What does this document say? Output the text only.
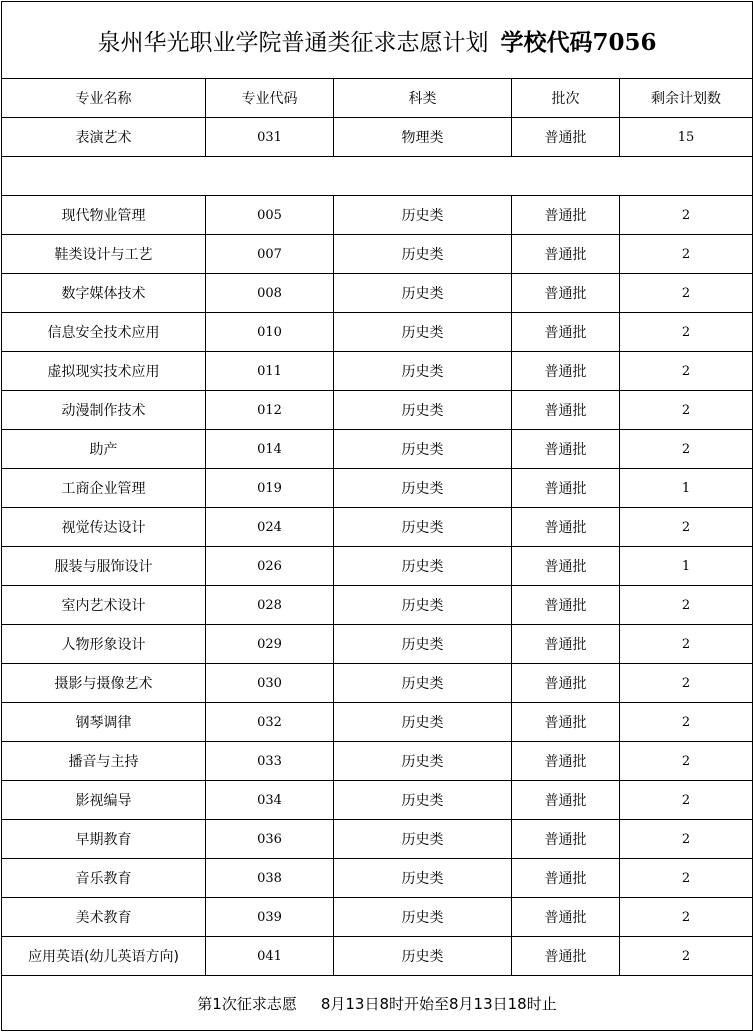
泉州华光职业学院普通类征求志愿计划 学校代码7056				
专业名称	专业代码	科类	批次	剩余计划数
表演艺术	031	物理类	普通批	15

现代物业管理	005	历史类	普通批	2
鞋类设计与工艺	007	历史类	普通批	2
数字媒体技术	008	历史类	普通批	2
信息安全技术应用	010	历史类	普通批	2
虚拟现实技术应用	011	历史类	普通批	2
动漫制作技术	012	历史类	普通批	2
助产	014	历史类	普通批	2
工商企业管理	019	历史类	普通批	1
视觉传达设计	024	历史类	普通批	2
服装与服饰设计	026	历史类	普通批	1
室内艺术设计	028	历史类	普通批	2
人物形象设计	029	历史类	普通批	2
摄影与摄像艺术	030	历史类	普通批	2
钢琴调律	032	历史类	普通批	2
播音与主持	033	历史类	普通批	2
影视编导	034	历史类	普通批	2
早期教育	036	历史类	普通批	2
音乐教育	038	历史类	普通批	2
美术教育	039	历史类	普通批	2
应用英语(幼儿英语方向)	041	历史类	普通批	2
第1次征求志愿 8月13日8时开始至8月13日18时止				
